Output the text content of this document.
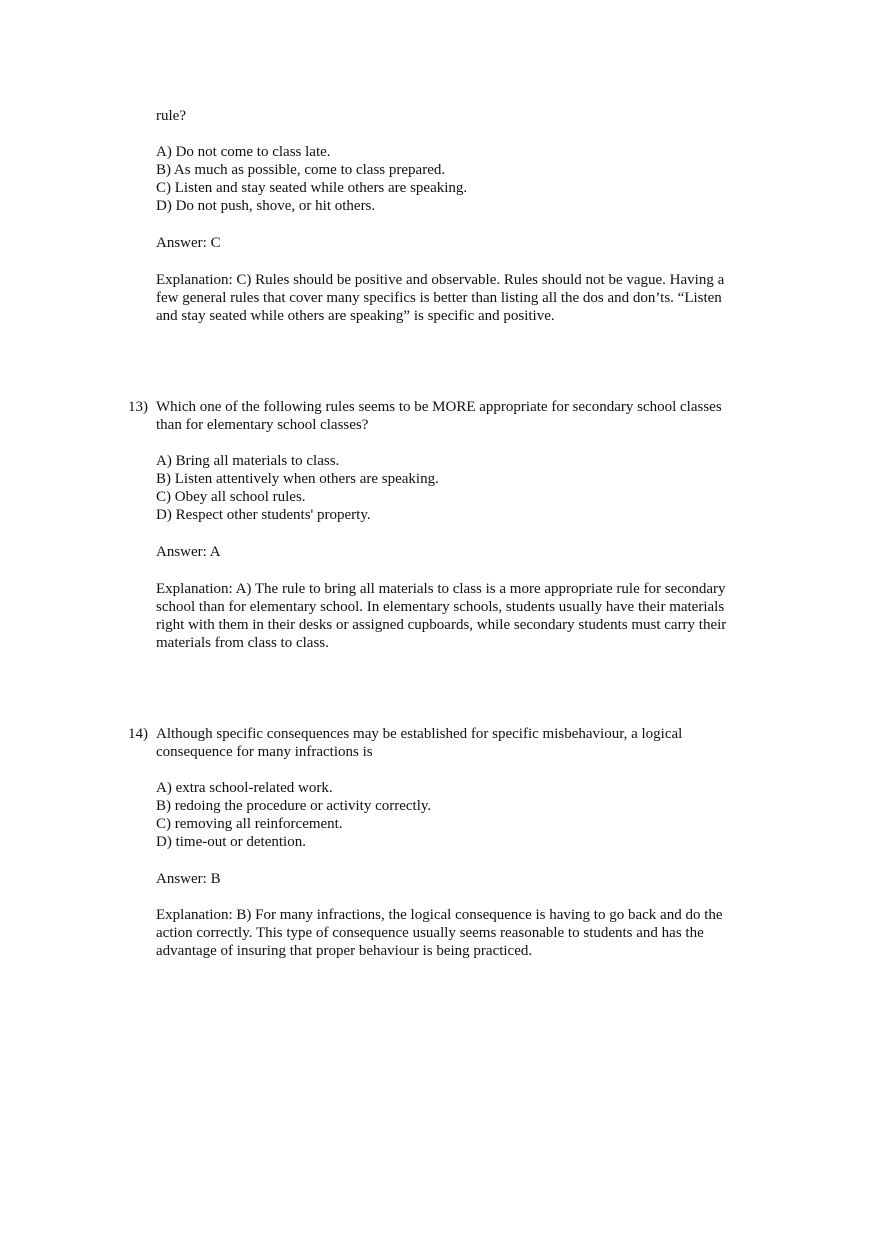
rule?
A) Do not come to class late.
B) As much as possible, come to class prepared.
C) Listen and stay seated while others are speaking.
D) Do not push, shove, or hit others.
Answer: C
Explanation: C) Rules should be positive and observable. Rules should not be vague. Having a
few general rules that cover many specifics is better than listing all the dos and don’ts. “Listen
and stay seated while others are speaking” is specific and positive.
13) Which one of the following rules seems to be MORE appropriate for secondary school classes
than for elementary school classes?
A) Bring all materials to class.
B) Listen attentively when others are speaking.
C) Obey all school rules.
D) Respect other students' property.
Answer: A
Explanation: A) The rule to bring all materials to class is a more appropriate rule for secondary
school than for elementary school. In elementary schools, students usually have their materials
right with them in their desks or assigned cupboards, while secondary students must carry their
materials from class to class.
14) Although specific consequences may be established for specific misbehaviour, a logical
consequence for many infractions is
A) extra school-related work.
B) redoing the procedure or activity correctly.
C) removing all reinforcement.
D) time-out or detention.
Answer: B
Explanation: B) For many infractions, the logical consequence is having to go back and do the
action correctly. This type of consequence usually seems reasonable to students and has the
advantage of insuring that proper behaviour is being practiced.
